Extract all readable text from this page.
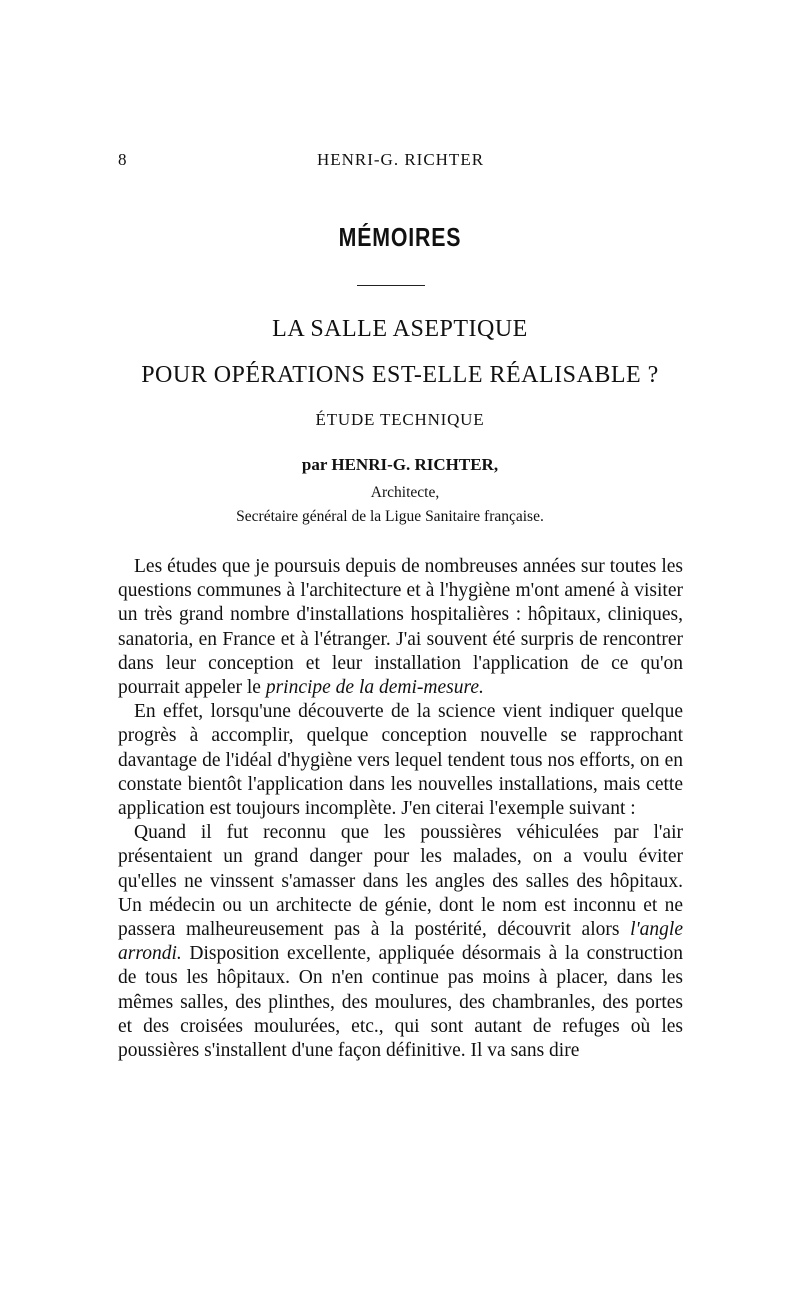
8	HENRI-G. RICHTER
MÉMOIRES
LA SALLE ASEPTIQUE
POUR OPÉRATIONS EST-ELLE RÉALISABLE ?
ÉTUDE TECHNIQUE
par HENRI-G. RICHTER,
Architecte,
Secrétaire général de la Ligue Sanitaire française.

Les études que je poursuis depuis de nombreuses années sur toutes les questions communes à l'architecture et à l'hygiène m'ont amené à visiter un très grand nombre d'installations hospitalières : hôpitaux, cliniques, sanatoria, en France et à l'étranger. J'ai souvent été surpris de rencontrer dans leur conception et leur installation l'application de ce qu'on pourrait appeler le principe de la demi-mesure.

En effet, lorsqu'une découverte de la science vient indiquer quelque progrès à accomplir, quelque conception nouvelle se rapprochant davantage de l'idéal d'hygiène vers lequel tendent tous nos efforts, on en constate bientôt l'application dans les nouvelles installations, mais cette application est toujours incomplète. J'en citerai l'exemple suivant :

Quand il fut reconnu que les poussières véhiculées par l'air présentaient un grand danger pour les malades, on a voulu éviter qu'elles ne vinssent s'amasser dans les angles des salles des hôpitaux. Un médecin ou un architecte de génie, dont le nom est inconnu et ne passera malheureusement pas à la postérité, découvrit alors l'angle arrondi. Disposition excellente, appliquée désormais à la construction de tous les hôpitaux. On n'en continue pas moins à placer, dans les mêmes salles, des plinthes, des moulures, des chambranles, des portes et des croisées moulurées, etc., qui sont autant de refuges où les poussières s'installent d'une façon définitive. Il va sans dire
